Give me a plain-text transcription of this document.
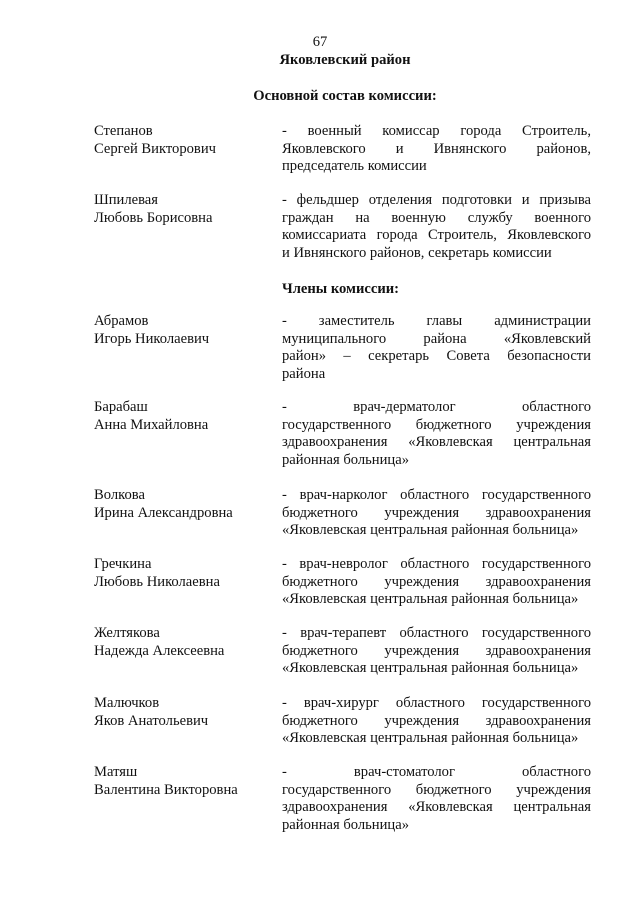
67
Яковлевский район
Основной состав комиссии:
Степанов
Сергей Викторович
- военный комиссар города Строитель,
Яковлевского и Ивнянского районов,
председатель комиссии
Шпилевая
Любовь Борисовна
- фельдшер отделения подготовки и призыва
граждан на военную службу военного
комиссариата города Строитель, Яковлевского
и Ивнянского районов, секретарь комиссии
Члены комиссии:
Абрамов
Игорь Николаевич
- заместитель главы администрации
муниципального района «Яковлевский
район» – секретарь Совета безопасности
района
Барабаш
Анна Михайловна
- врач-дерматолог областного
государственного бюджетного учреждения
здравоохранения «Яковлевская центральная
районная больница»
Волкова
Ирина Александровна
- врач-нарколог областного государственного
бюджетного учреждения здравоохранения
«Яковлевская центральная районная больница»
Гречкина
Любовь Николаевна
- врач-невролог областного государственного
бюджетного учреждения здравоохранения
«Яковлевская центральная районная больница»
Желтякова
Надежда Алексеевна
- врач-терапевт областного государственного
бюджетного учреждения здравоохранения
«Яковлевская центральная районная больница»
Малючков
Яков Анатольевич
- врач-хирург областного государственного
бюджетного учреждения здравоохранения
«Яковлевская центральная районная больница»
Матяш
Валентина Викторовна
- врач-стоматолог областного
государственного бюджетного учреждения
здравоохранения «Яковлевская центральная
районная больница»
